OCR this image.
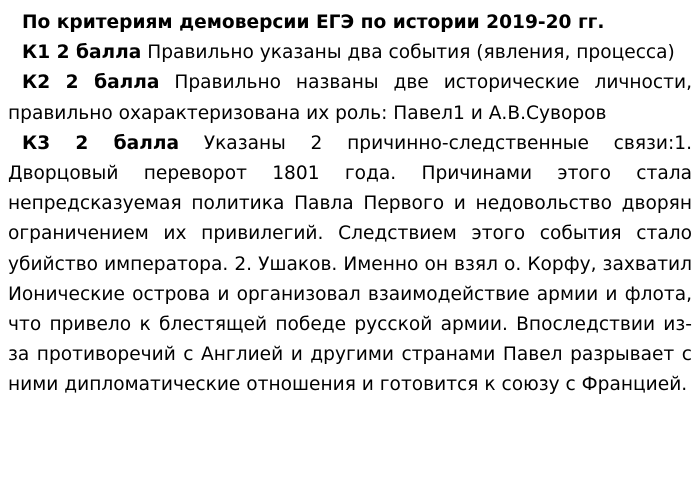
По критериям демоверсии ЕГЭ по истории 2019-20 гг.

К1 2 балла Правильно указаны два события (явления, процесса)

К2 2 балла Правильно названы две исторические личности, правильно охарактеризована их роль: Павел1 и А.В.Суворов

К3 2 балла Указаны 2 причинно-следственные связи:1. Дворцовый переворот 1801 года. Причинами этого стала непредсказуемая политика Павла Первого и недовольство дворян ограничением их привилегий. Следствием этого события стало убийство императора. 2. Ушаков. Именно он взял о. Корфу, захватил Ионические острова и организовал взаимодействие армии и флота, что привело к блестящей победе русской армии. Впоследствии из-за противоречий с Англией и другими странами Павел разрывает с ними дипломатические отношения и готовится к союзу с Францией.
